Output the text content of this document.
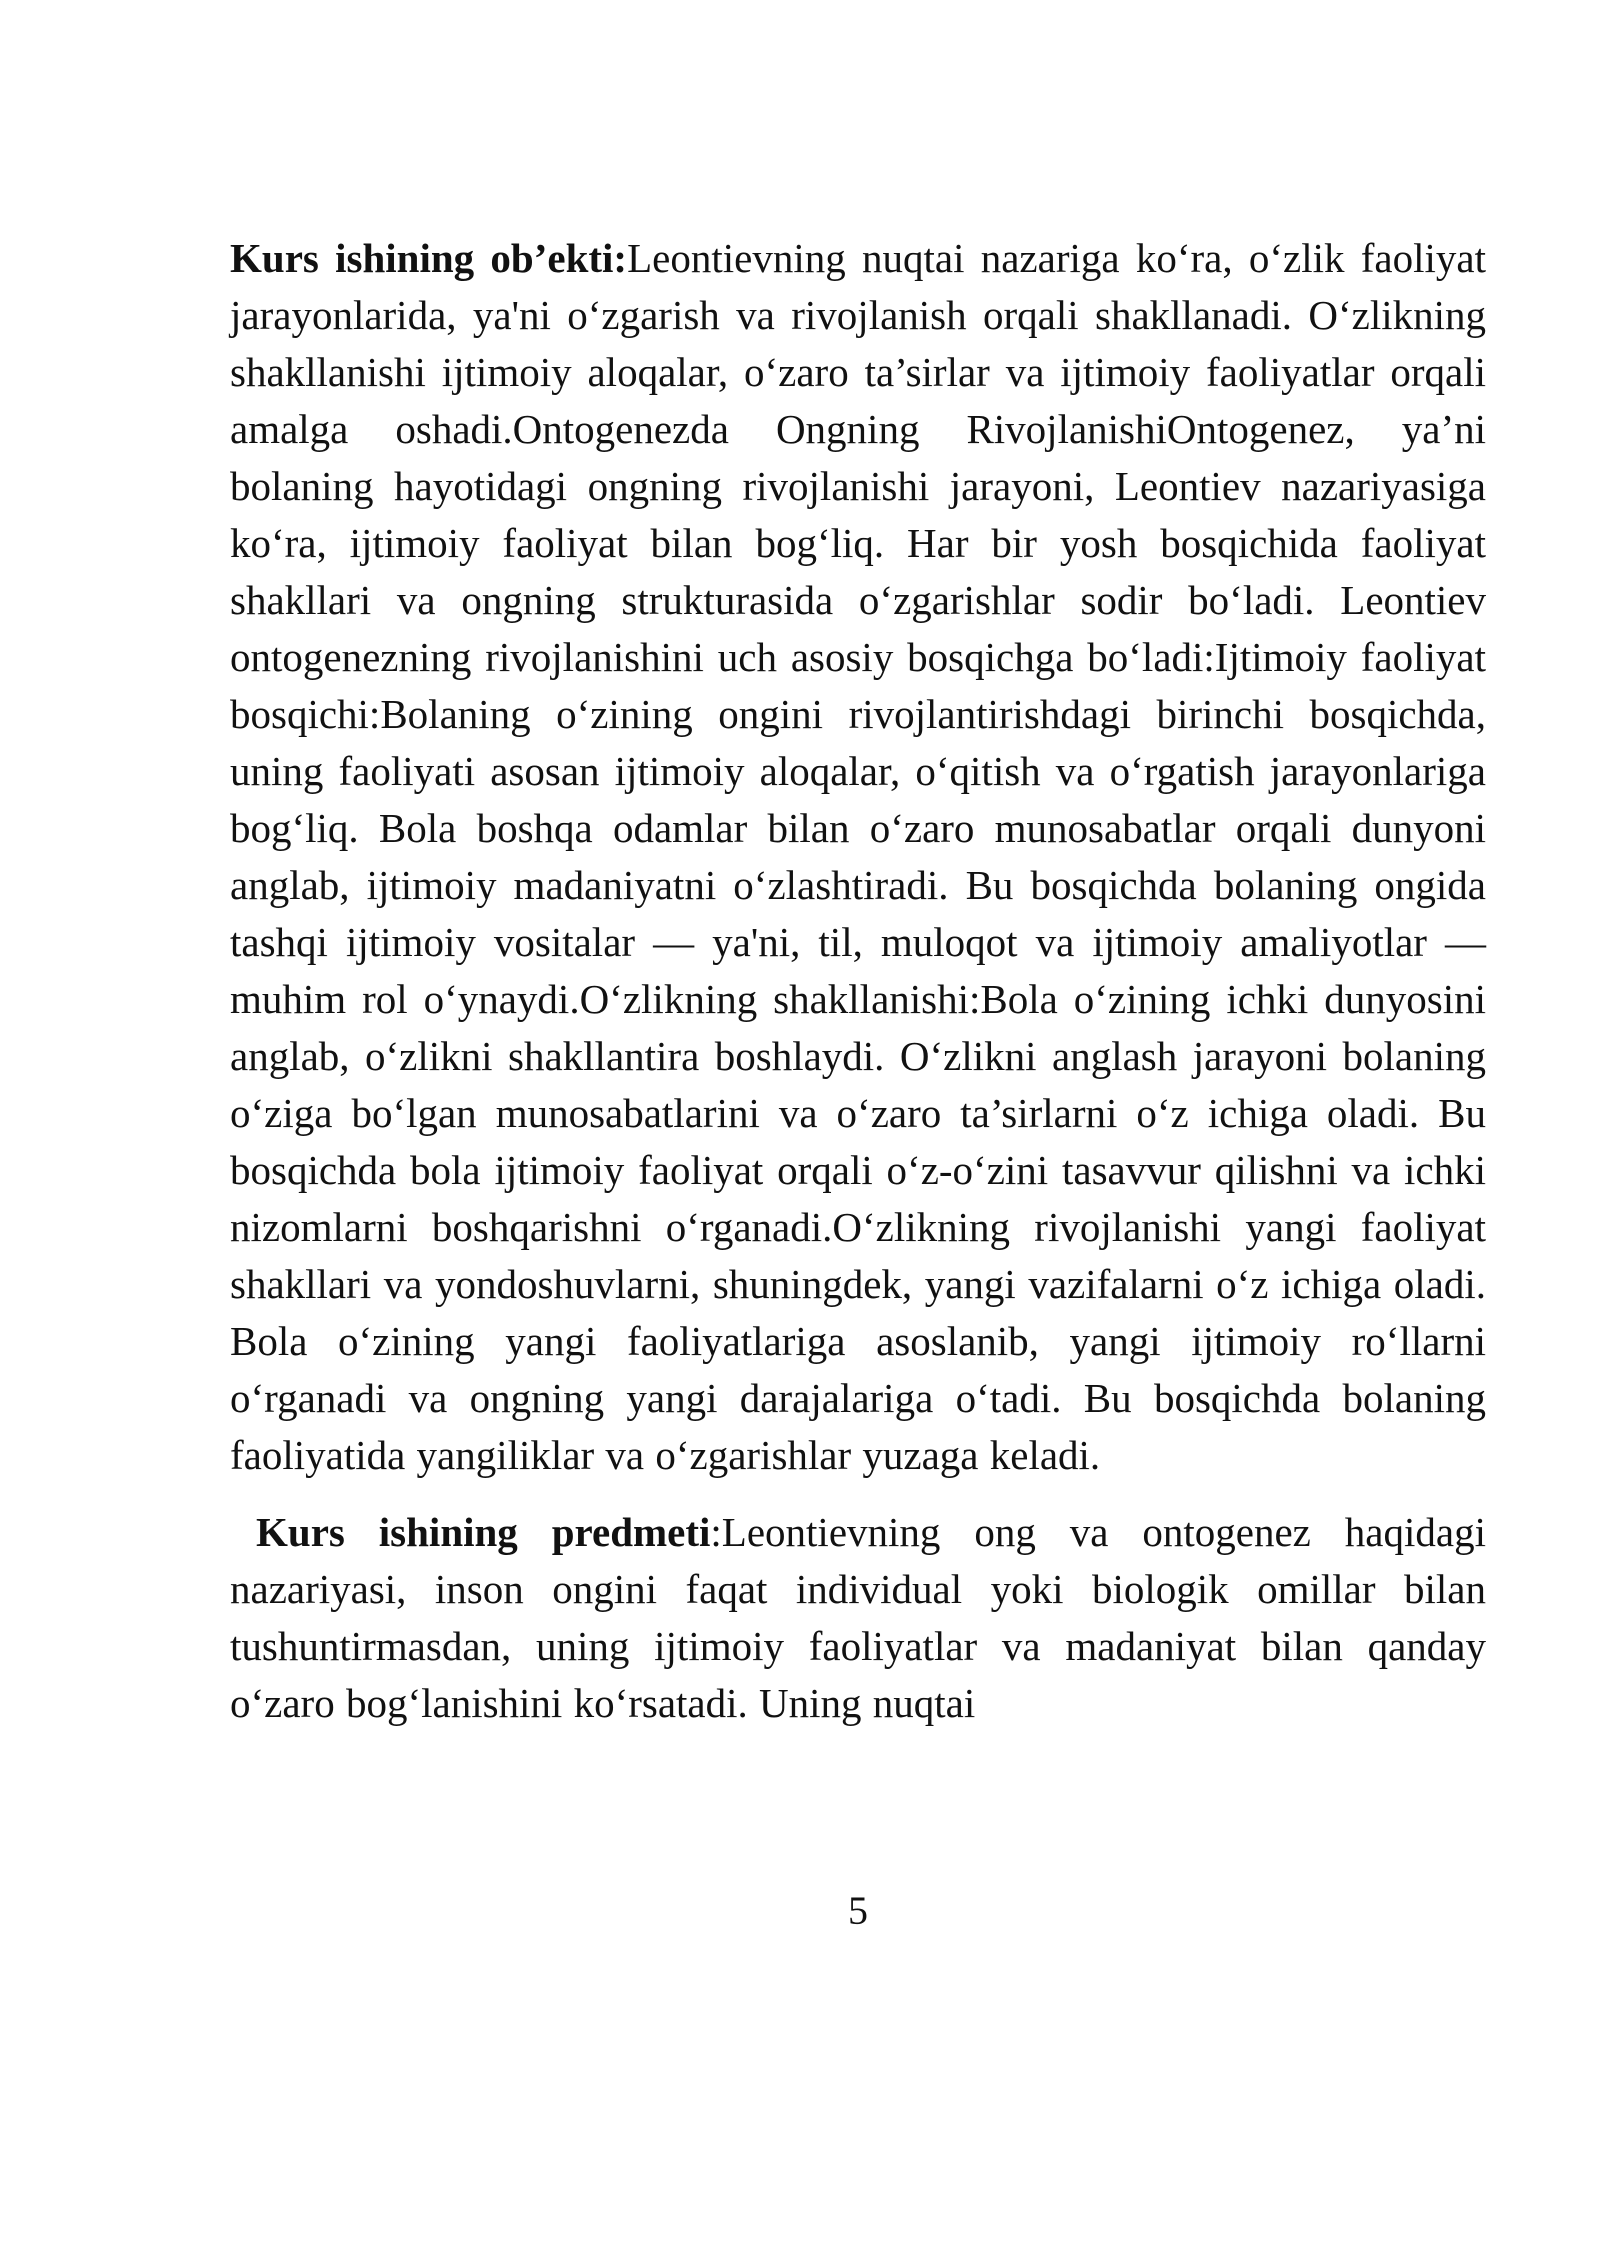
Kurs ishining ob’ekti:Leontievning nuqtai nazariga ko‘ra, o‘zlik faoliyat jarayonlarida, ya'ni o‘zgarish va rivojlanish orqali shakllanadi. O‘zlikning shakllanishi ijtimoiy aloqalar, o‘zaro ta’sirlar va ijtimoiy faoliyatlar orqali amalga oshadi.Ontogenezda Ongning RivojlanishiOntogenez, ya’ni bolaning hayotidagi ongning rivojlanishi jarayoni, Leontiev nazariyasiga ko‘ra, ijtimoiy faoliyat bilan bog‘liq. Har bir yosh bosqichida faoliyat shakllari va ongning strukturasida o‘zgarishlar sodir bo‘ladi. Leontiev ontogenezning rivojlanishini uch asosiy bosqichga bo‘ladi:Ijtimoiy faoliyat bosqichi:Bolaning o‘zining ongini rivojlantirishdagi birinchi bosqichda, uning faoliyati asosan ijtimoiy aloqalar, o‘qitish va o‘rgatish jarayonlariga bog‘liq. Bola boshqa odamlar bilan o‘zaro munosabatlar orqali dunyoni anglab, ijtimoiy madaniyatni o‘zlashtiradi. Bu bosqichda bolaning ongida tashqi ijtimoiy vositalar — ya'ni, til, muloqot va ijtimoiy amaliyotlar — muhim rol o‘ynaydi.O‘zlikning shakllanishi:Bola o‘zining ichki dunyosini anglab, o‘zlikni shakllantira boshlaydi. O‘zlikni anglash jarayoni bolaning o‘ziga bo‘lgan munosabatlarini va o‘zaro ta’sirlarni o‘z ichiga oladi. Bu bosqichda bola ijtimoiy faoliyat orqali o‘z-o‘zini tasavvur qilishni va ichki nizomlarni boshqarishni o‘rganadi.O‘zlikning rivojlanishi yangi faoliyat shakllari va yondoshuvlarni, shuningdek, yangi vazifalarni o‘z ichiga oladi. Bola o‘zining yangi faoliyatlariga asoslanib, yangi ijtimoiy ro‘llarni o‘rganadi va ongning yangi darajalariga o‘tadi. Bu bosqichda bolaning faoliyatida yangiliklar va o‘zgarishlar yuzaga keladi.

Kurs ishining predmeti:Leontievning ong va ontogenez haqidagi nazariyasi, inson ongini faqat individual yoki biologik omillar bilan tushuntirmasdan, uning ijtimoiy faoliyatlar va madaniyat bilan qanday o‘zaro bog‘lanishini ko‘rsatadi. Uning nuqtai

5
